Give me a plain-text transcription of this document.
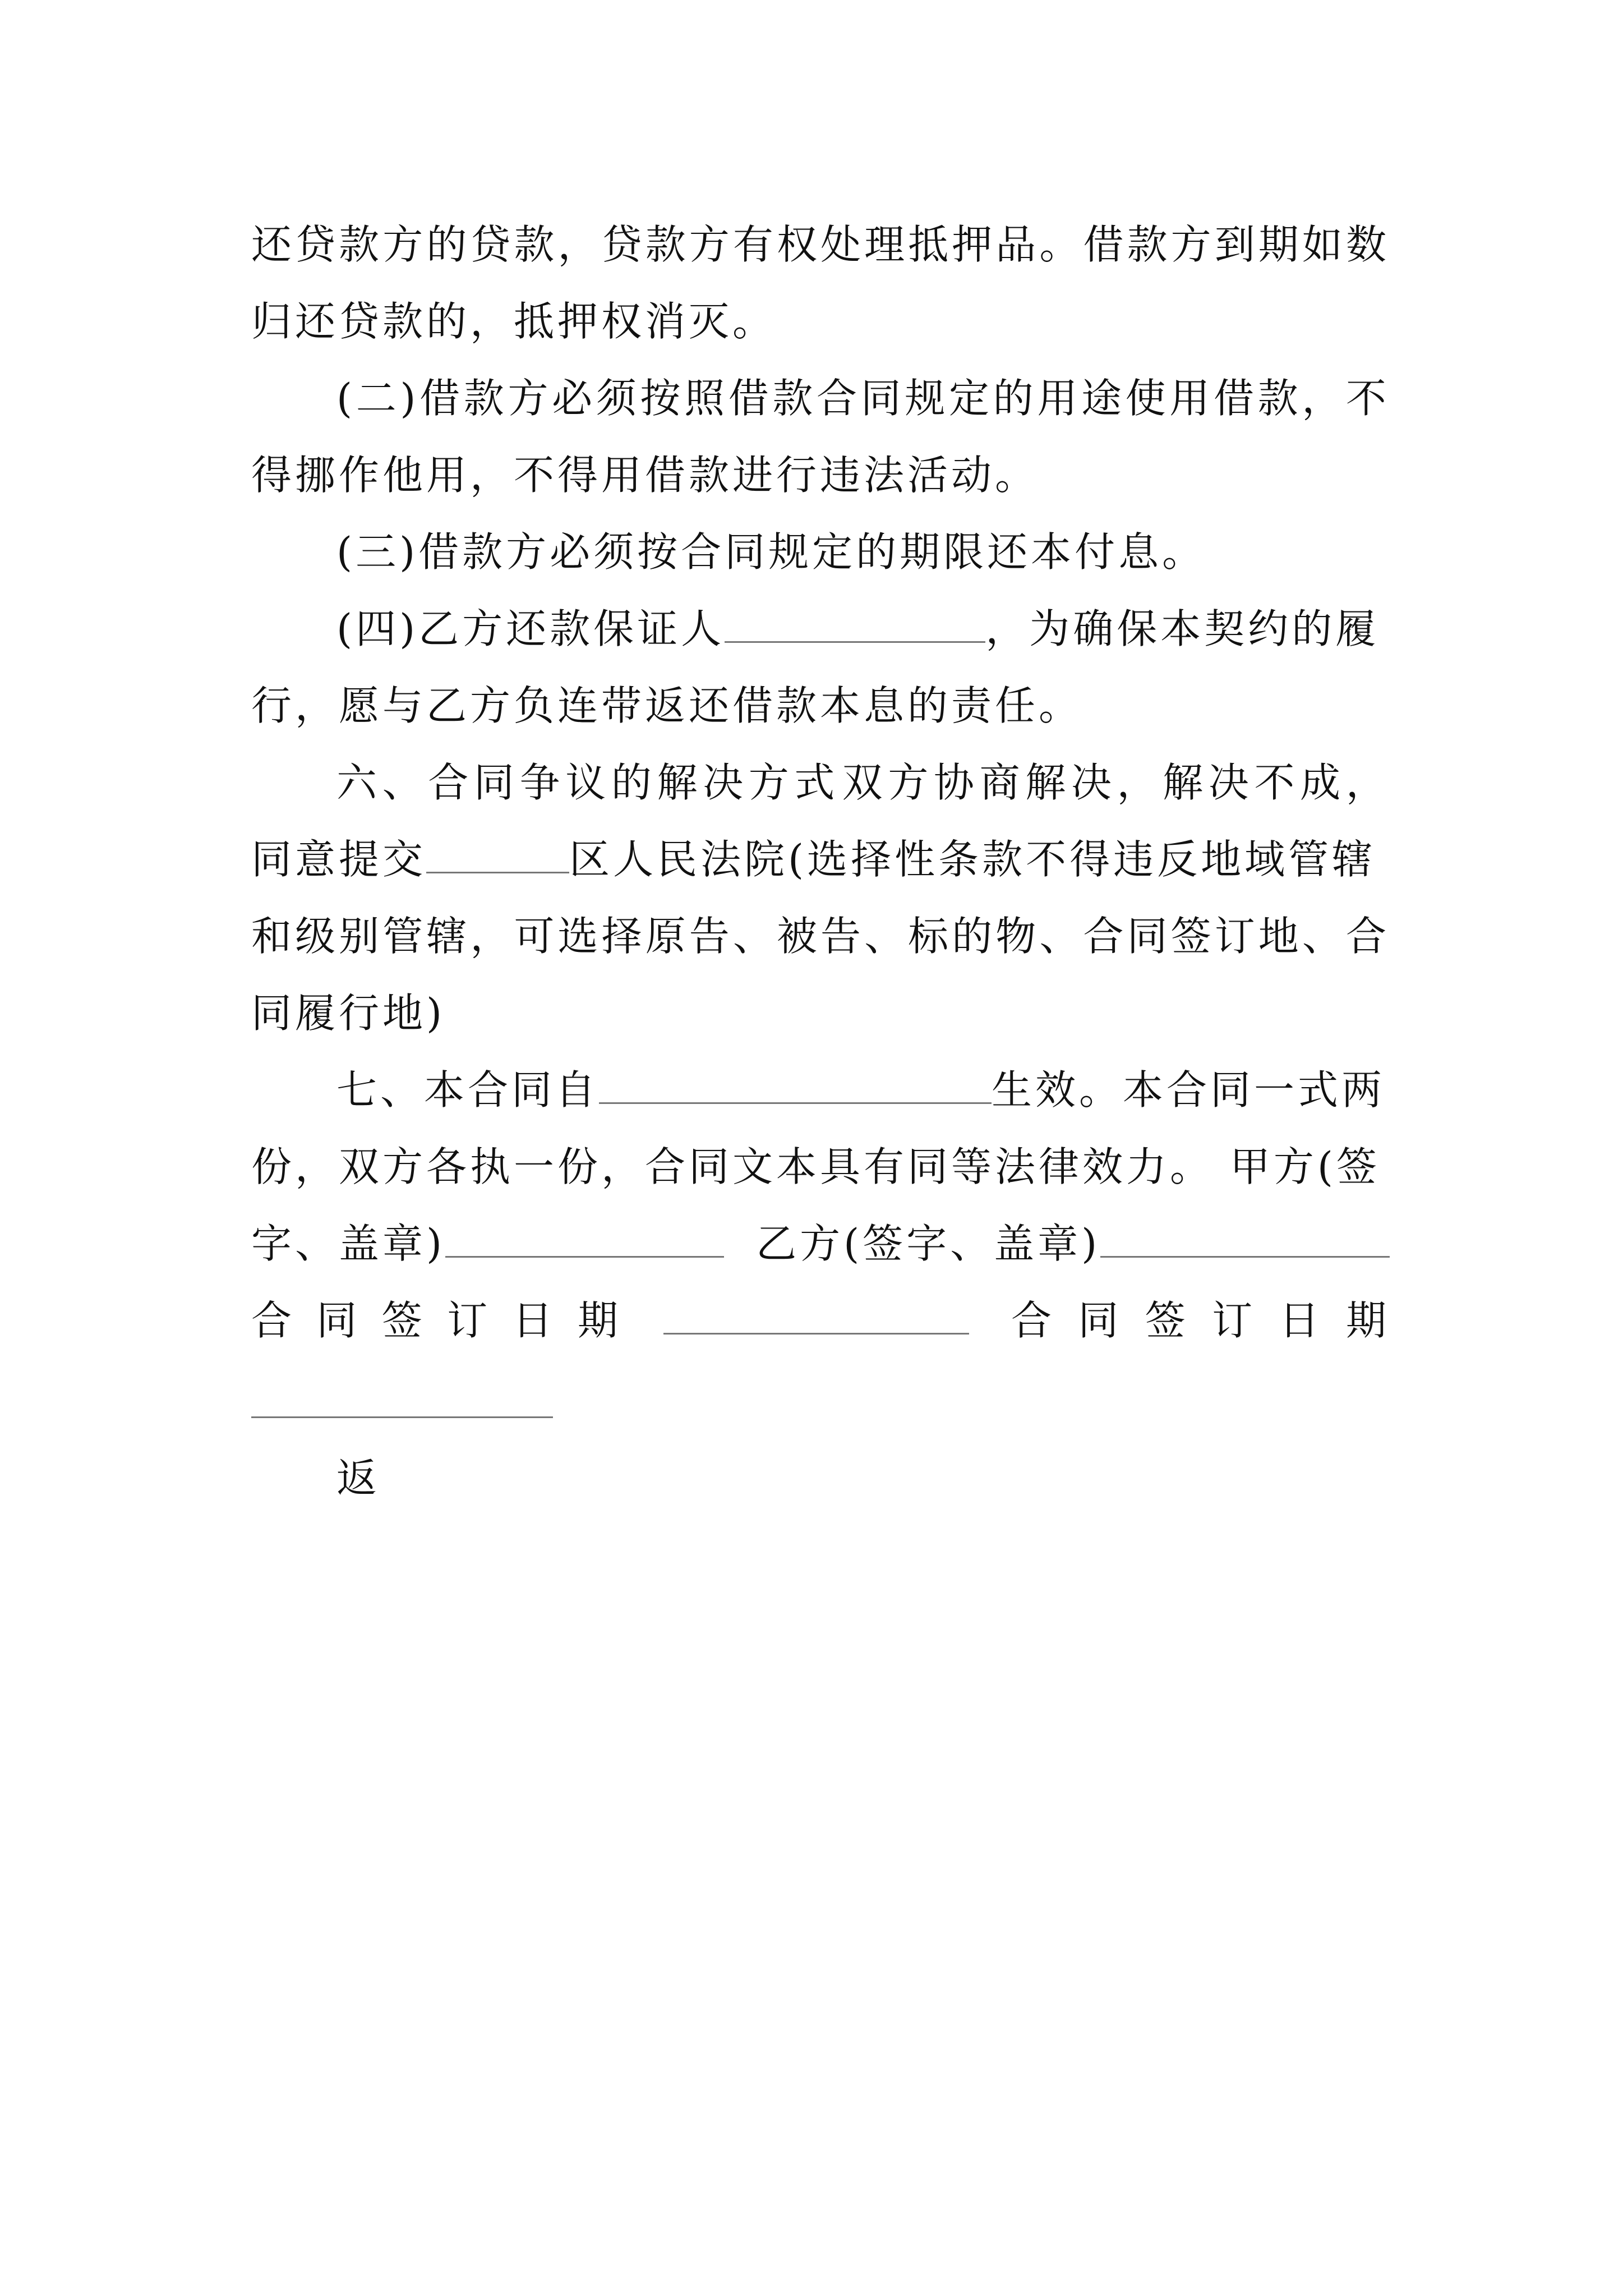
还 贷 款 方 的 贷 款 ， 贷 款 方 有 权 处 理 抵 押 品 。 借 款 方 到 期 如 数
归还贷款的，抵押权消灭。
( 二 ) 借 款 方 必 须 按 照 借 款 合 同 规 定 的 用 途 使 用 借 款 ， 不
得挪作他用，不得用借款进行违法活动。
(三)借款方必须按合同规定的期限还本付息。
(四)乙方还款保证人	，为确保本契约的履
行，愿与乙方负连带返还借款本息的责任。
六 、 合 同 争 议 的 解 决 方 式 双 方 协 商 解 决 ， 解 决 不 成 ，
同意提交	区人民法院(选择性条款不得违反地域管辖
和 级 别 管 辖 ， 可 选 择 原 告 、 被 告 、 标 的 物 、 合 同 签 订 地 、 合
同履行地)
七、本合同自	生效。本合同一式两
份，双方各执一份，合同文本具有同等法律效力。 甲方(签
字、盖章)	乙方(签字、盖章)
合 同 签 订 日 期	合 同 签 订 日 期
返
